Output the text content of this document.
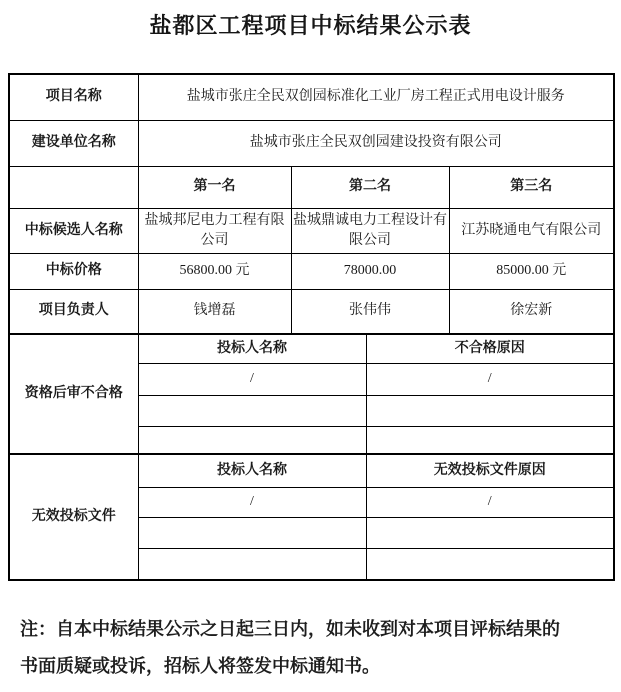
盐都区工程项目中标结果公示表
项目名称	盐城市张庄全民双创园标准化工业厂房工程正式用电设计服务			
建设单位名称	盐城市张庄全民双创园建设投资有限公司			
	第一名	第二名		第三名
中标候选人名称	盐城邦尼电力工程有限公司	盐城鼎诚电力工程设计有限公司		江苏晓通电气有限公司
中标价格	56800.00 元	78000.00		85000.00 元
项目负责人	钱增磊	张伟伟		徐宏新
资格后审不合格	投标人名称		不合格原因	
	/		/	

无效投标文件	投标人名称		无效投标文件原因	
	/		/	

注：自本中标结果公示之日起三日内，如未收到对本项目评标结果的
书面质疑或投诉，招标人将签发中标通知书。
